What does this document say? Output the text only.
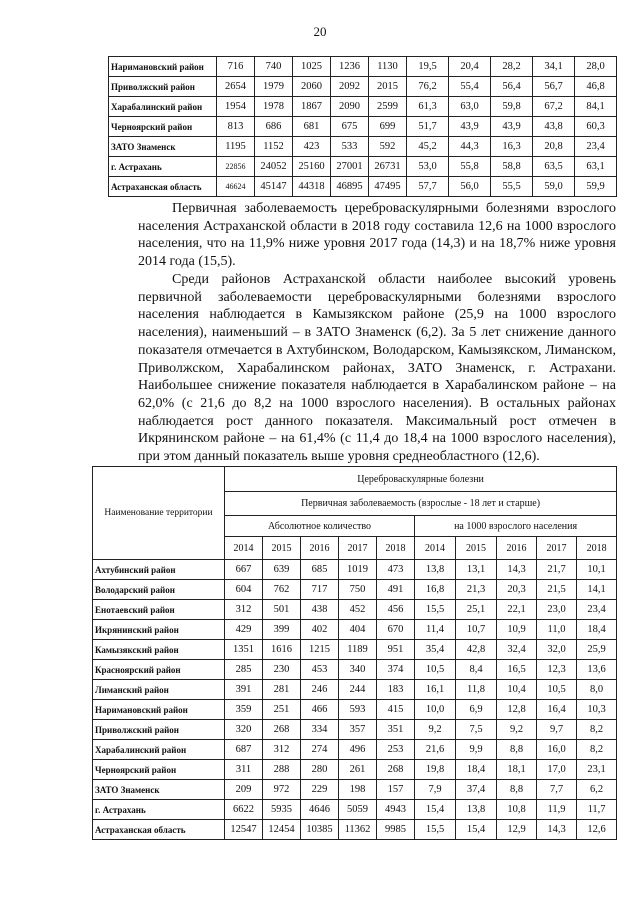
20
Наримановский район	716	740	1025	1236	1130	19,5	20,4	28,2	34,1	28,0
Приволжский район	2654	1979	2060	2092	2015	76,2	55,4	56,4	56,7	46,8
Харабалинский район	1954	1978	1867	2090	2599	61,3	63,0	59,8	67,2	84,1
Черноярский район	813	686	681	675	699	51,7	43,9	43,9	43,8	60,3
ЗАТО Знаменск	1195	1152	423	533	592	45,2	44,3	16,3	20,8	23,4
г. Астрахань	22856	24052	25160	27001	26731	53,0	55,8	58,8	63,5	63,1
Астраханская область	46624	45147	44318	46895	47495	57,7	56,0	55,5	59,0	59,9

Первичная заболеваемость цереброваскулярными болезнями взрослого населения Астраханской области в 2018 году составила 12,6 на 1000 взрослого населения, что на 11,9% ниже уровня 2017 года (14,3) и на 18,7% ниже уровня 2014 года (15,5).

Среди районов Астраханской области наиболее высокий уровень первичной заболеваемости цереброваскулярными болезнями взрослого населения наблюдается в Камызякском районе (25,9 на 1000 взрослого населения), наименьший – в ЗАТО Знаменск (6,2). За 5 лет снижение данного показателя отмечается в Ахтубинском, Володарском, Камызякском, Лиманском, Приволжском, Харабалинском районах, ЗАТО Знаменск, г. Астрахани. Наибольшее снижение показателя наблюдается в Харабалинском районе – на 62,0% (с 21,6 до 8,2 на 1000 взрослого населения). В остальных районах наблюдается рост данного показателя. Максимальный рост отмечен в Икрянинском районе – на 61,4% (с 11,4 до 18,4 на 1000 взрослого населения), при этом данный показатель выше уровня среднеобластного (12,6).

Наименование территории	Цереброваскулярные болезни									
	Первичная заболеваемость (взрослые - 18 лет и старше)									
	Абсолютное количество					на 1000 взрослого населения				
	2014	2015	2016	2017	2018	2014	2015	2016	2017	2018
Ахтубинский район	667	639	685	1019	473	13,8	13,1	14,3	21,7	10,1
Володарский район	604	762	717	750	491	16,8	21,3	20,3	21,5	14,1
Енотаевский район	312	501	438	452	456	15,5	25,1	22,1	23,0	23,4
Икрянинский район	429	399	402	404	670	11,4	10,7	10,9	11,0	18,4
Камызякский район	1351	1616	1215	1189	951	35,4	42,8	32,4	32,0	25,9
Красноярский район	285	230	453	340	374	10,5	8,4	16,5	12,3	13,6
Лиманский район	391	281	246	244	183	16,1	11,8	10,4	10,5	8,0
Наримановский район	359	251	466	593	415	10,0	6,9	12,8	16,4	10,3
Приволжский район	320	268	334	357	351	9,2	7,5	9,2	9,7	8,2
Харабалинский район	687	312	274	496	253	21,6	9,9	8,8	16,0	8,2
Черноярский район	311	288	280	261	268	19,8	18,4	18,1	17,0	23,1
ЗАТО Знаменск	209	972	229	198	157	7,9	37,4	8,8	7,7	6,2
г. Астрахань	6622	5935	4646	5059	4943	15,4	13,8	10,8	11,9	11,7
Астраханская область	12547	12454	10385	11362	9985	15,5	15,4	12,9	14,3	12,6
